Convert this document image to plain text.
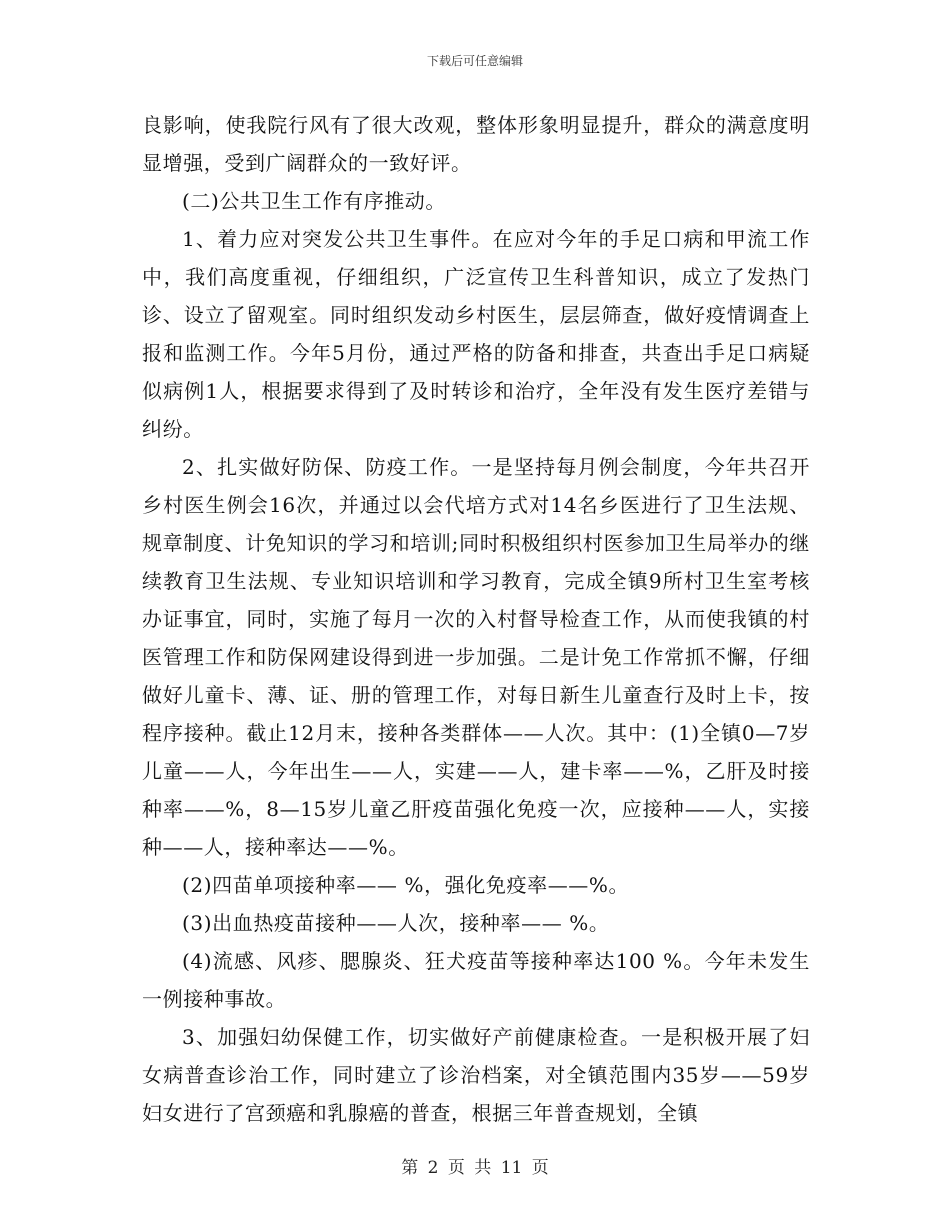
下载后可任意编辑

良影响，使我院行风有了很大改观，整体形象明显提升，群众的满意度明显增强，受到广阔群众的一致好评。

(二)公共卫生工作有序推动。

1、着力应对突发公共卫生事件。在应对今年的手足口病和甲流工作中，我们高度重视，仔细组织，广泛宣传卫生科普知识，成立了发热门诊、设立了留观室。同时组织发动乡村医生，层层筛查，做好疫情调查上报和监测工作。今年5月份，通过严格的防备和排查，共查出手足口病疑似病例1人，根据要求得到了及时转诊和治疗，全年没有发生医疗差错与纠纷。

2、扎实做好防保、防疫工作。一是坚持每月例会制度，今年共召开乡村医生例会16次，并通过以会代培方式对14名乡医进行了卫生法规、规章制度、计免知识的学习和培训;同时积极组织村医参加卫生局举办的继续教育卫生法规、专业知识培训和学习教育，完成全镇9所村卫生室考核办证事宜，同时，实施了每月一次的入村督导检查工作，从而使我镇的村医管理工作和防保网建设得到进一步加强。二是计免工作常抓不懈，仔细做好儿童卡、薄、证、册的管理工作，对每日新生儿童查行及时上卡，按程序接种。截止12月末，接种各类群体——人次。其中：(1)全镇0—7岁儿童——人，今年出生——人，实建——人，建卡率——%，乙肝及时接种率——%，8—15岁儿童乙肝疫苗强化免疫一次，应接种——人，实接种——人，接种率达——%。

(2)四苗单项接种率—— %，强化免疫率——%。

(3)出血热疫苗接种——人次，接种率—— %。

(4)流感、风疹、腮腺炎、狂犬疫苗等接种率达100 %。今年未发生一例接种事故。

3、加强妇幼保健工作，切实做好产前健康检查。一是积极开展了妇女病普查诊治工作，同时建立了诊治档案，对全镇范围内35岁——59岁妇女进行了宫颈癌和乳腺癌的普查，根据三年普查规划，全镇

第 2 页 共 11 页
